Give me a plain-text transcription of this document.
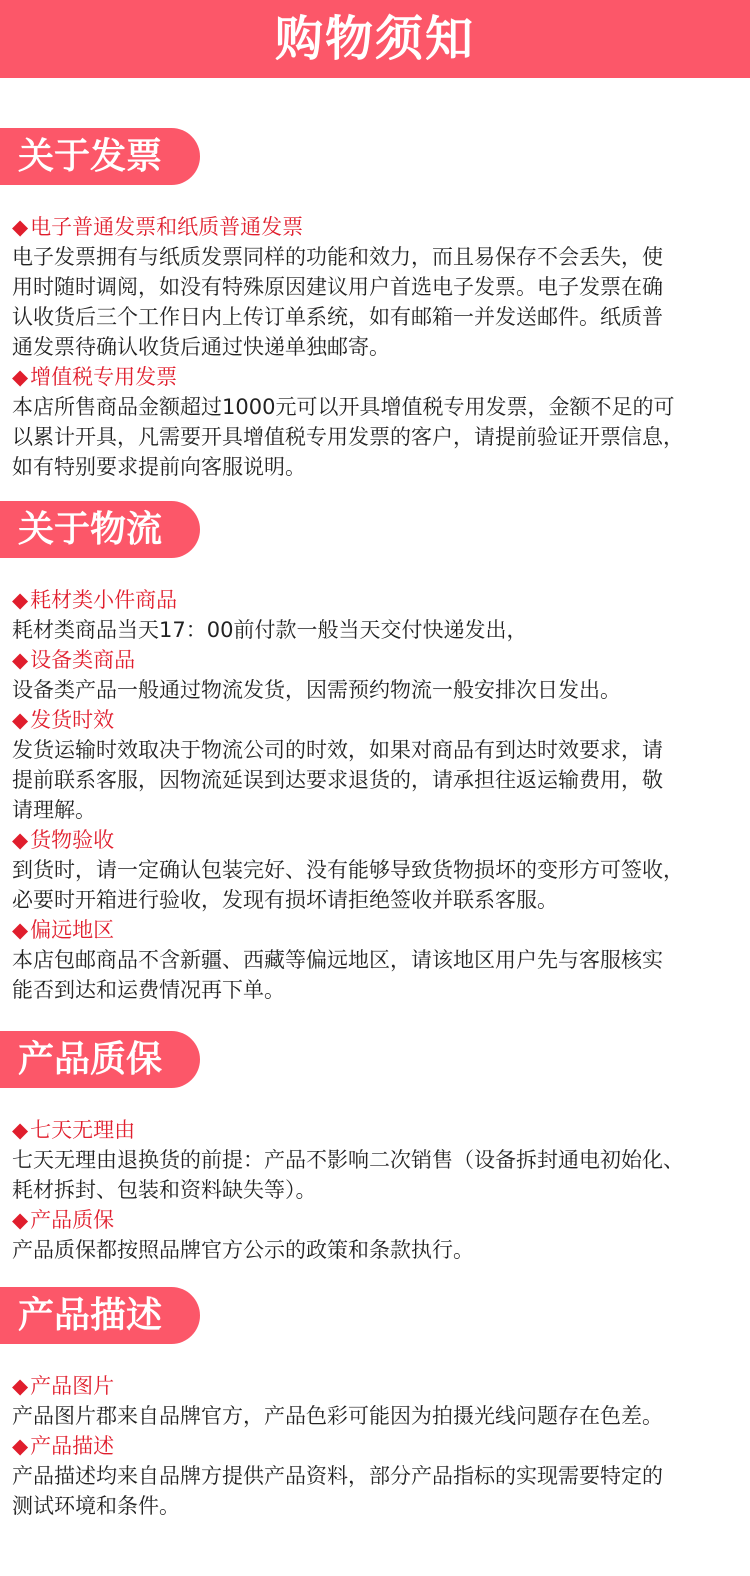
购物须知
关于发票
◆电子普通发票和纸质普通发票
电子发票拥有与纸质发票同样的功能和效力，而且易保存不会丢失，使
用时随时调阅，如没有特殊原因建议用户首选电子发票。电子发票在确
认收货后三个工作日内上传订单系统，如有邮箱一并发送邮件。纸质普
通发票待确认收货后通过快递单独邮寄。
◆增值税专用发票
本店所售商品金额超过1000元可以开具增值税专用发票，金额不足的可
以累计开具，凡需要开具增值税专用发票的客户，请提前验证开票信息，
如有特别要求提前向客服说明。
关于物流
◆耗材类小件商品
耗材类商品当天17：00前付款一般当天交付快递发出，
◆设备类商品
设备类产品一般通过物流发货，因需预约物流一般安排次日发出。
◆发货时效
发货运输时效取决于物流公司的时效，如果对商品有到达时效要求，请
提前联系客服，因物流延误到达要求退货的，请承担往返运输费用，敬
请理解。
◆货物验收
到货时，请一定确认包装完好、没有能够导致货物损坏的变形方可签收，
必要时开箱进行验收，发现有损坏请拒绝签收并联系客服。
◆偏远地区
本店包邮商品不含新疆、西藏等偏远地区，请该地区用户先与客服核实
能否到达和运费情况再下单。
产品质保
◆七天无理由
七天无理由退换货的前提：产品不影响二次销售（设备拆封通电初始化、
耗材拆封、包装和资料缺失等）。
◆产品质保
产品质保都按照品牌官方公示的政策和条款执行。
产品描述
◆产品图片
产品图片郡来自品牌官方，产品色彩可能因为拍摄光线问题存在色差。
◆产品描述
产品描述均来自品牌方提供产品资料，部分产品指标的实现需要特定的
测试环境和条件。
